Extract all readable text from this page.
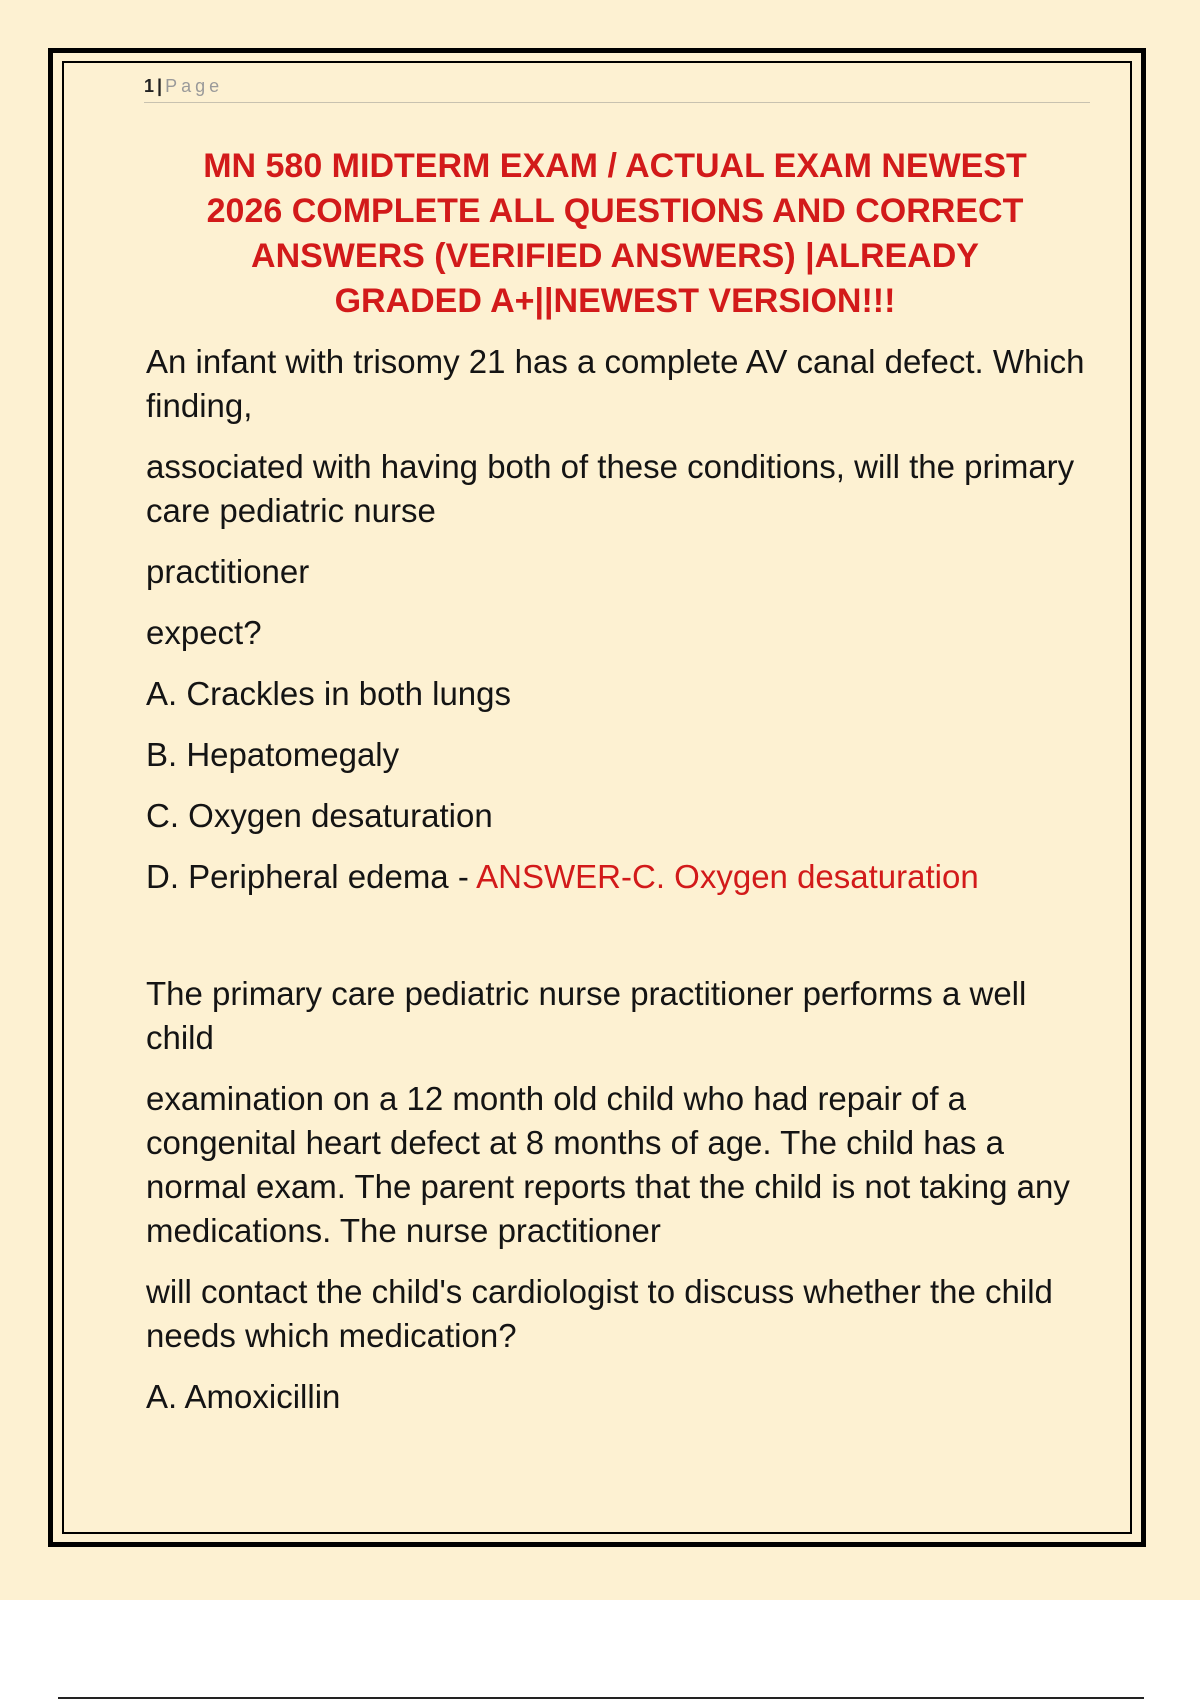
1 | Page
MN 580 MIDTERM EXAM / ACTUAL EXAM NEWEST
2026 COMPLETE ALL QUESTIONS AND CORRECT
ANSWERS (VERIFIED ANSWERS) |ALREADY
GRADED A+||NEWEST VERSION!!!

An infant with trisomy 21 has a complete AV canal defect. Which finding,

associated with having both of these conditions, will the primary care pediatric nurse

practitioner

expect?

A. Crackles in both lungs

B. Hepatomegaly

C. Oxygen desaturation

D. Peripheral edema - ANSWER-C. Oxygen desaturation

The primary care pediatric nurse practitioner performs a well child

examination on a 12 month old child who had repair of a congenital heart defect at 8 months of age. The child has a normal exam. The parent reports that the child is not taking any medications. The nurse practitioner

will contact the child's cardiologist to discuss whether the child needs which medication?

A. Amoxicillin
